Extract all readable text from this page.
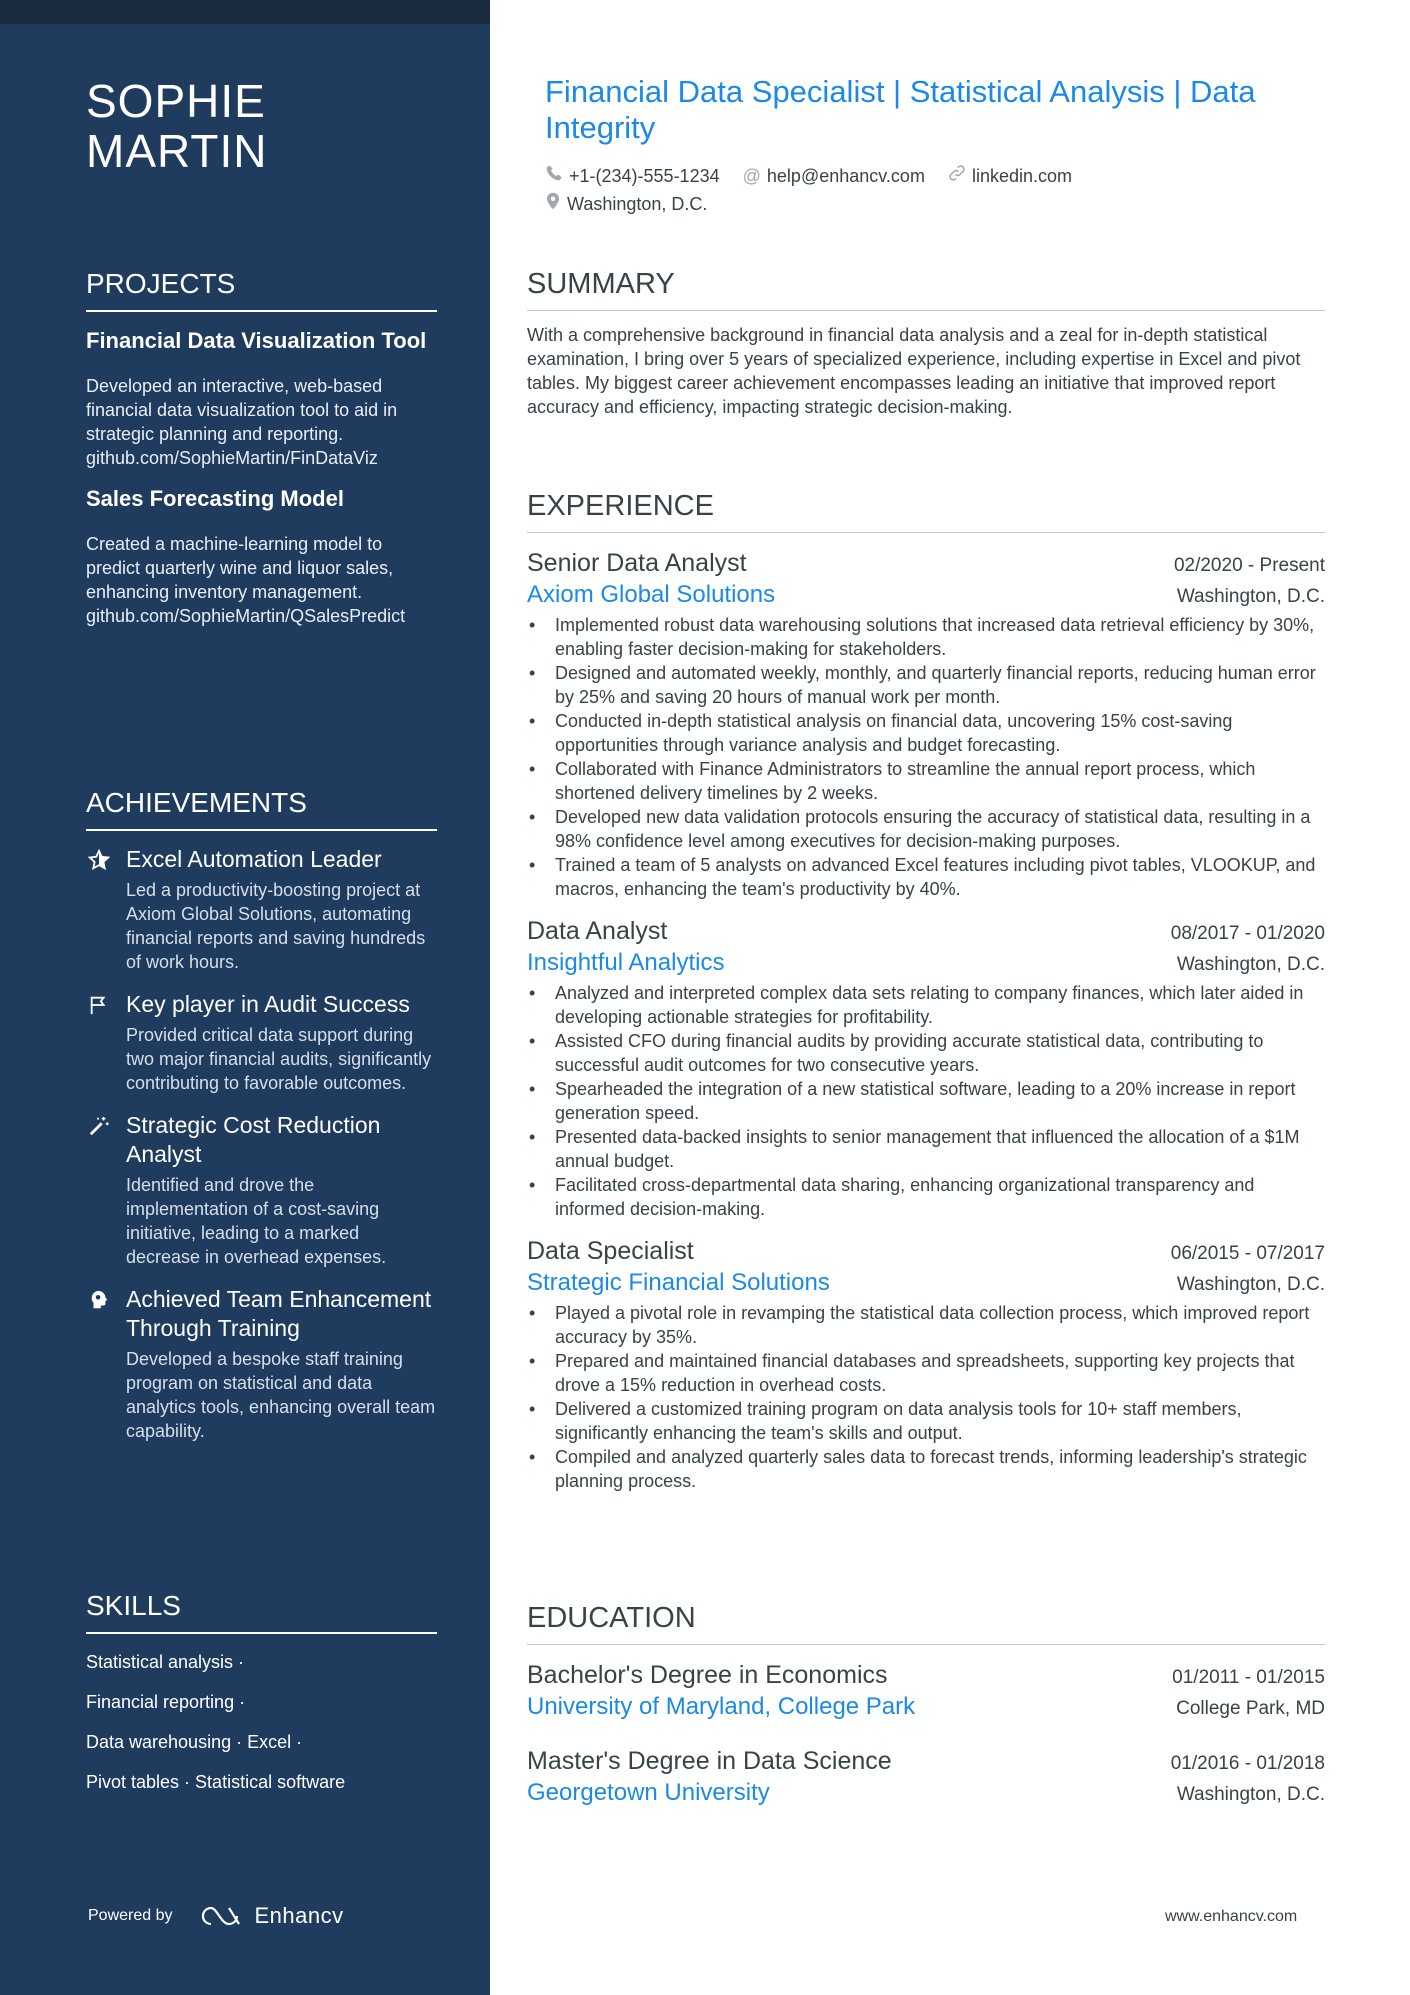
SOPHIE
MARTIN
PROJECTS
Financial Data Visualization Tool
Developed an interactive, web-based financial data visualization tool to aid in strategic planning and reporting.
github.com/SophieMartin/FinDataViz
Sales Forecasting Model
Created a machine-learning model to predict quarterly wine and liquor sales, enhancing inventory management.
github.com/SophieMartin/QSalesPredict
ACHIEVEMENTS
Excel Automation Leader
Led a productivity-boosting project at Axiom Global Solutions, automating financial reports and saving hundreds of work hours.
Key player in Audit Success
Provided critical data support during two major financial audits, significantly contributing to favorable outcomes.
Strategic Cost Reduction Analyst
Identified and drove the implementation of a cost-saving initiative, leading to a marked decrease in overhead expenses.
Achieved Team Enhancement Through Training
Developed a bespoke staff training program on statistical and data analytics tools, enhancing overall team capability.
SKILLS
Statistical analysis ·
Financial reporting ·
Data warehousing · Excel ·
Pivot tables · Statistical software
Powered by	Enhancv
Financial Data Specialist | Statistical Analysis | Data Integrity
+1-(234)-555-1234
@ help@enhancv.com
	linkedin.com

Washington, D.C.
SUMMARY
With a comprehensive background in financial data analysis and a zeal for in-depth statistical examination, I bring over 5 years of specialized experience, including expertise in Excel and pivot tables. My biggest career achievement encompasses leading an initiative that improved report accuracy and efficiency, impacting strategic decision-making.
EXPERIENCE
Senior Data Analyst	02/2020 - Present
Axiom Global Solutions	Washington, D.C.
• Implemented robust data warehousing solutions that increased data retrieval efficiency by 30%, enabling faster decision-making for stakeholders.
• Designed and automated weekly, monthly, and quarterly financial reports, reducing human error by 25% and saving 20 hours of manual work per month.
• Conducted in-depth statistical analysis on financial data, uncovering 15% cost-saving opportunities through variance analysis and budget forecasting.
• Collaborated with Finance Administrators to streamline the annual report process, which shortened delivery timelines by 2 weeks.
• Developed new data validation protocols ensuring the accuracy of statistical data, resulting in a 98% confidence level among executives for decision-making purposes.
• Trained a team of 5 analysts on advanced Excel features including pivot tables, VLOOKUP, and macros, enhancing the team's productivity by 40%.
Data Analyst	08/2017 - 01/2020
Insightful Analytics	Washington, D.C.
• Analyzed and interpreted complex data sets relating to company finances, which later aided in developing actionable strategies for profitability.
• Assisted CFO during financial audits by providing accurate statistical data, contributing to successful audit outcomes for two consecutive years.
• Spearheaded the integration of a new statistical software, leading to a 20% increase in report generation speed.
• Presented data-backed insights to senior management that influenced the allocation of a $1M annual budget.
• Facilitated cross-departmental data sharing, enhancing organizational transparency and informed decision-making.
Data Specialist	06/2015 - 07/2017
Strategic Financial Solutions	Washington, D.C.
• Played a pivotal role in revamping the statistical data collection process, which improved report accuracy by 35%.
• Prepared and maintained financial databases and spreadsheets, supporting key projects that drove a 15% reduction in overhead costs.
• Delivered a customized training program on data analysis tools for 10+ staff members, significantly enhancing the team's skills and output.
• Compiled and analyzed quarterly sales data to forecast trends, informing leadership's strategic planning process.
EDUCATION
Bachelor's Degree in Economics	01/2011 - 01/2015
University of Maryland, College Park	College Park, MD
Master's Degree in Data Science	01/2016 - 01/2018
Georgetown University	Washington, D.C.
www.enhancv.com
